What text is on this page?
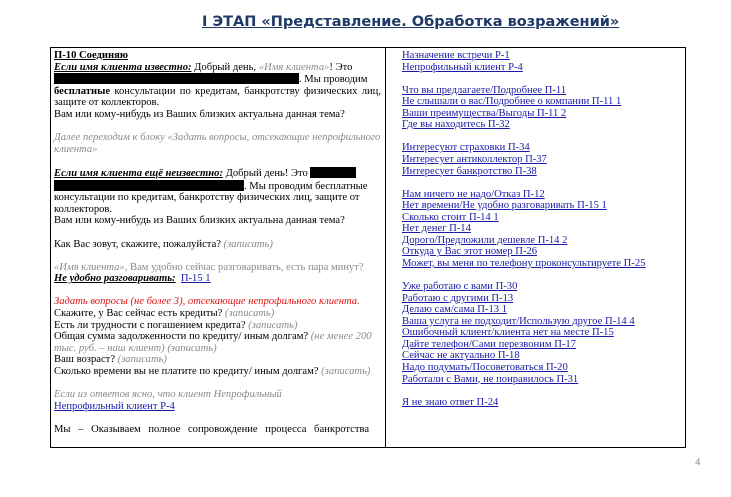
I ЭТАП «Представление. Обработка возражений»
П-10 Соединяю
Если имя клиента известно: Добрый день, «Имя клиента»! Это
. Мы проводим
бесплатные консультации по кредитам, банкротству физических лиц, защите от коллекторов.
Вам или кому-нибудь из Ваших близких актуальна данная тема?
Далее переходим к блоку «Задать вопросы, отсекающие непрофильного клиента»
Если имя клиента ещё неизвестно: Добрый день! Это
. Мы проводим бесплатные консультации по кредитам, банкротству физических лиц, защите от коллекторов.
Вам или кому-нибудь из Ваших близких актуальна данная тема?
Как Вас зовут, скажите, пожалуйста? (записать)
«Имя клиента», Вам удобно сейчас разговаривать, есть пара минут?
Не удобно разговаривать: П-15 1
Задать вопросы (не более 3), отсекающие непрофильного клиента.
Скажите, у Вас сейчас есть кредиты? (записать)
Есть ли трудности с погашением кредита? (записать)
Общая сумма задолженности по кредиту/ иным долгам? (не менее 200 тыс. руб. – наш клиент) (записать)
Ваш возраст? (записать)
Сколько времени вы не платите по кредиту/ иным долгам? (записать)
Если из ответов ясно, что клиент Непрофильный
Непрофильный клиент Р-4
Мы – Оказываем полное сопровождение процесса банкротства
Назначение встречи Р-1
Непрофильный клиент Р-4
Что вы предлагаете/Подробнее П-11
Не слышали о вас/Подробнее о компании П-11 1
Ваши преимущества/Выгоды П-11 2
Где вы находитесь П-32
Интересуют страховки П-34
Интересует антиколлектор П-37
Интересует банкротство П-38
Нам ничего не надо/Отказ П-12
Нет времени/Не удобно разговаривать П-15 1
Сколько стоит П-14 1
Нет денег П-14
Дорого/Предложили дешевле П-14 2
Откуда у Вас этот номер П-26
Может, вы меня по телефону проконсультируете П-25
Уже работаю с вами П-30
Работаю с другими П-13
Делаю сам/сама П-13 1
Ваша услуга не подходит/Использую другое П-14 4
Ошибочный клиент/клиента нет на месте П-15
Дайте телефон/Сами перезвоним П-17
Сейчас не актуально П-18
Надо подумать/Посоветоваться П-20
Работали с Вами, не понравилось П-31
Я не знаю ответ П-24
4
